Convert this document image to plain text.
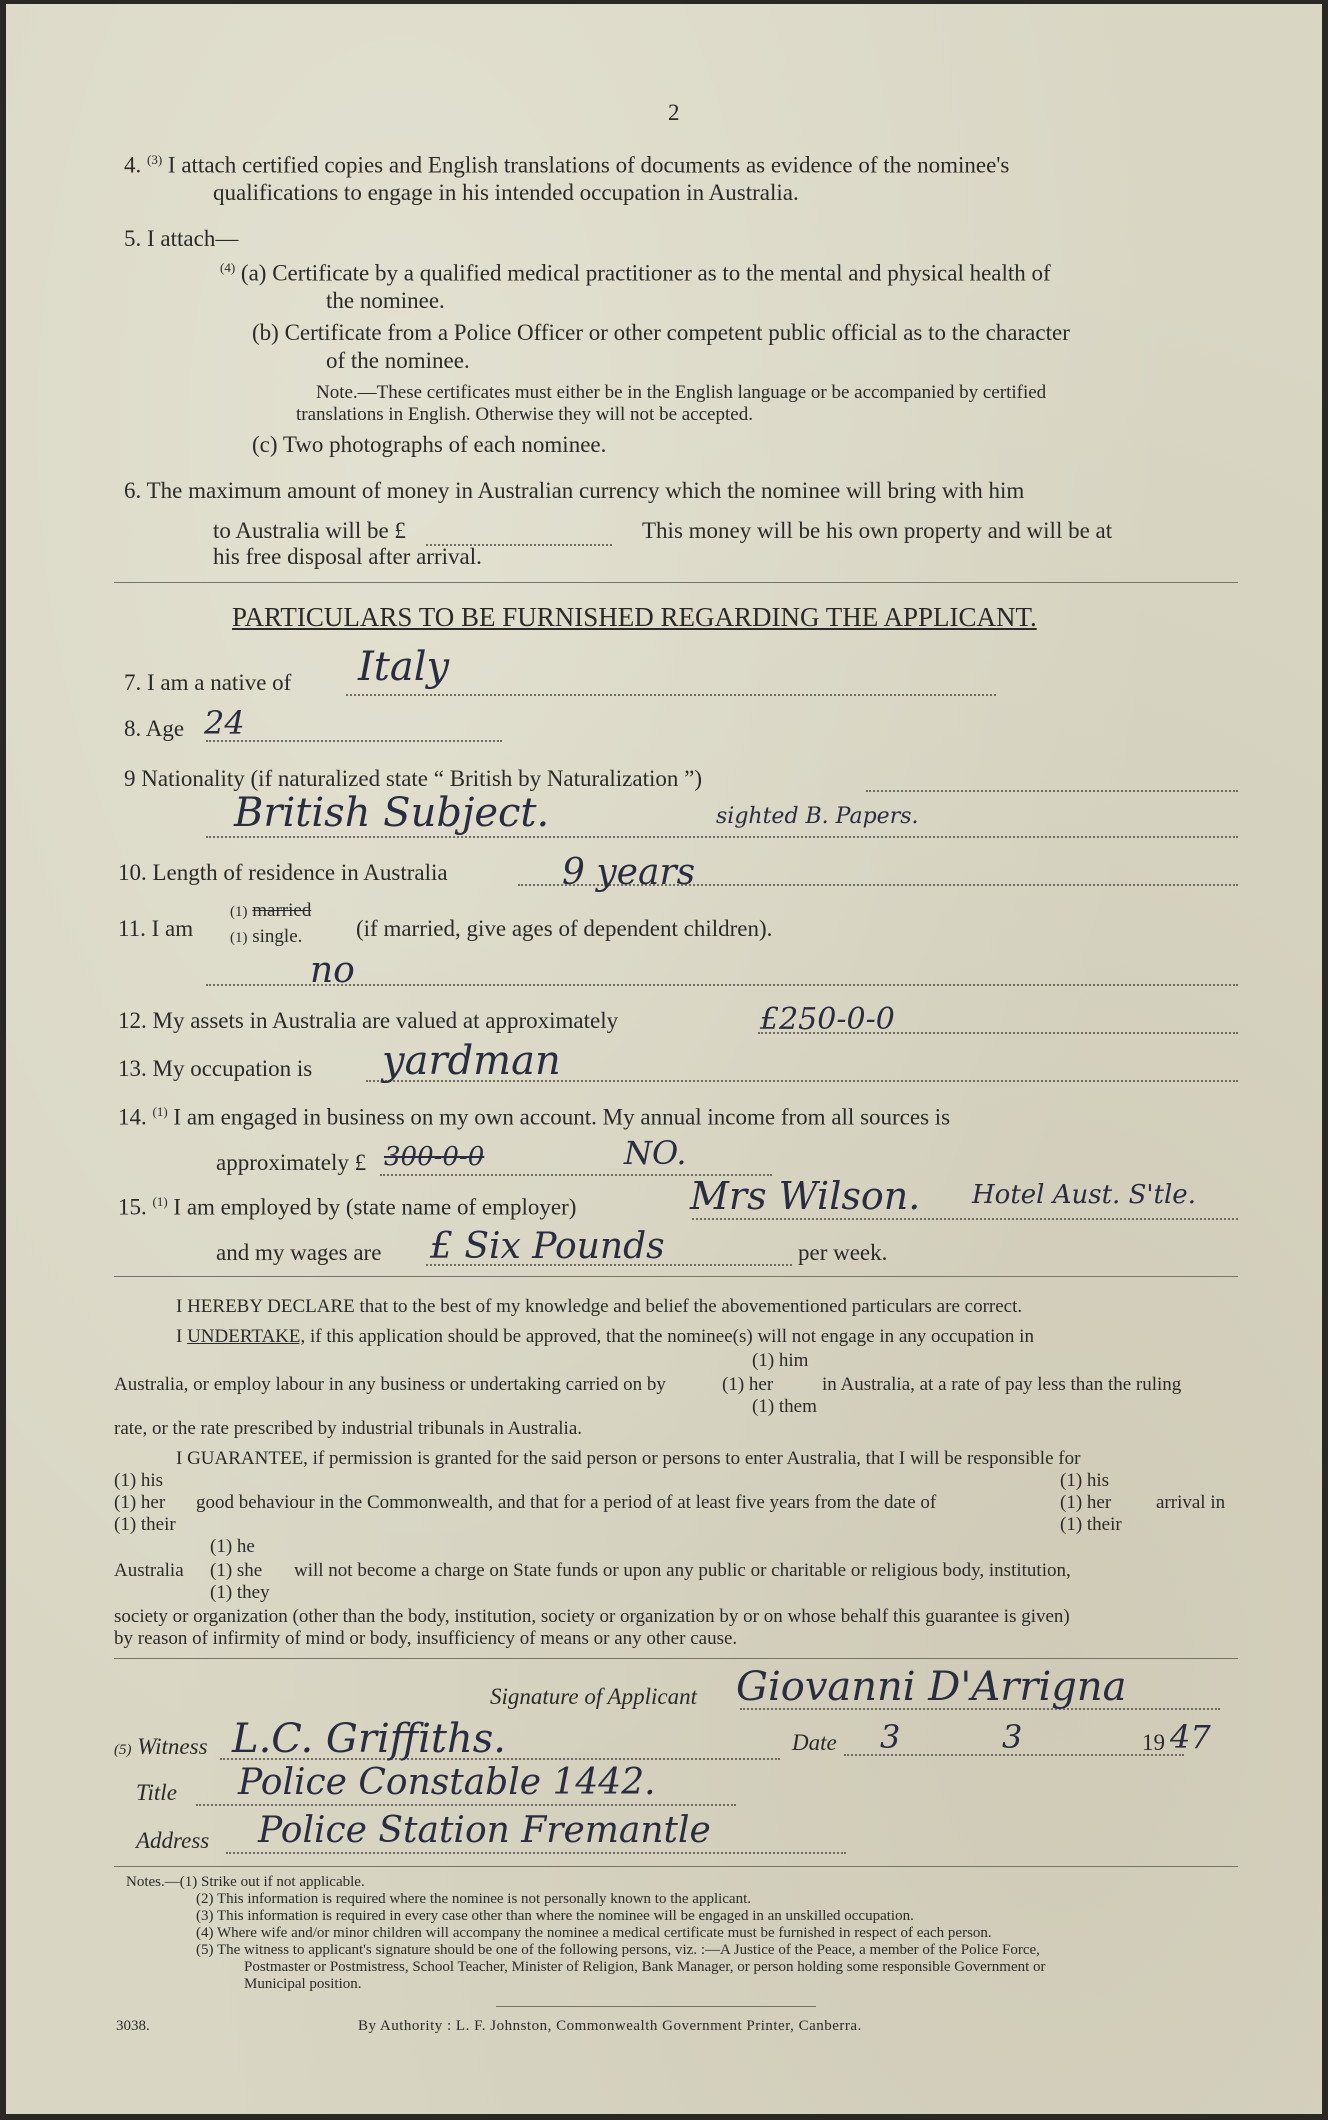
2
4. $^{(3)}$ I attach certified copies and English translations of documents as evidence of the nominee's
qualifications to engage in his intended occupation in Australia.
5. I attach—
$^{(4)}$ (a) Certificate by a qualified medical practitioner as to the mental and physical health of
the nominee.
(b) Certificate from a Police Officer or other competent public official as to the character
of the nominee.
Note.—These certificates must either be in the English language or be accompanied by certified
translations in English. Otherwise they will not be accepted.
(c) Two photographs of each nominee.
6. The maximum amount of money in Australian currency which the nominee will bring with him
to Australia will be £	This money will be his own property and will be at
his free disposal after arrival.
PARTICULARS TO BE FURNISHED REGARDING THE APPLICANT.
7. I am a native of Italy
8. Age 24
9 Nationality (if naturalized state “ British by Naturalization ”)
British Subject.	sighted B. Papers.
10. Length of residence in Australia	9 years
11. I am
(1) married
(1) single. (if married, give ages of dependent children).
no
12. My assets in Australia are valued at approximately	£250-0-0
13. My occupation is yardman
14. $^{(1)}$ I am engaged in business on my own account. My annual income from all sources is
approximately £ 300-0-0	NO.
15. $^{(1)}$ I am employed by (state name of employer)	Mrs Wilson. Hotel Aust. S'tle.
and my wages are £ Six Pounds	per week.
I HEREBY DECLARE that to the best of my knowledge and belief the abovementioned particulars are correct.
I UNDERTAKE, if this application should be approved, that the nominee(s) will not engage in any occupation in
(1) him
Australia, or employ labour in any business or undertaking carried on by	(1) her	in Australia, at a rate of pay less than the ruling
(1) them
rate, or the rate prescribed by industrial tribunals in Australia.
I GUARANTEE, if permission is granted for the said person or persons to enter Australia, that I will be responsible for
(1) his	(1) his
(1) her good behaviour in the Commonwealth, and that for a period of at least five years from the date of	(1) her arrival in
(1) their	(1) their
(1) he
Australia (1) she will not become a charge on State funds or upon any public or charitable or religious body, institution,
(1) they
society or organization (other than the body, institution, society or organization by or on whose behalf this guarantee is given)
by reason of infirmity of mind or body, insufficiency of means or any other cause.
Signature of Applicant Giovanni D'Arrigna
(5) Witness L.C. Griffiths.	Date 3	3	19 47
Title Police Constable 1442.
Address Police Station Fremantle
Notes.—(1) Strike out if not applicable.
(2) This information is required where the nominee is not personally known to the applicant.
(3) This information is required in every case other than where the nominee will be engaged in an unskilled occupation.
(4) Where wife and/or minor children will accompany the nominee a medical certificate must be furnished in respect of each person.
(5) The witness to applicant's signature should be one of the following persons, viz. :—A Justice of the Peace, a member of the Police Force,
Postmaster or Postmistress, School Teacher, Minister of Religion, Bank Manager, or person holding some responsible Government or
Municipal position.
3038.	By Authority : L. F. Johnston, Commonwealth Government Printer, Canberra.
